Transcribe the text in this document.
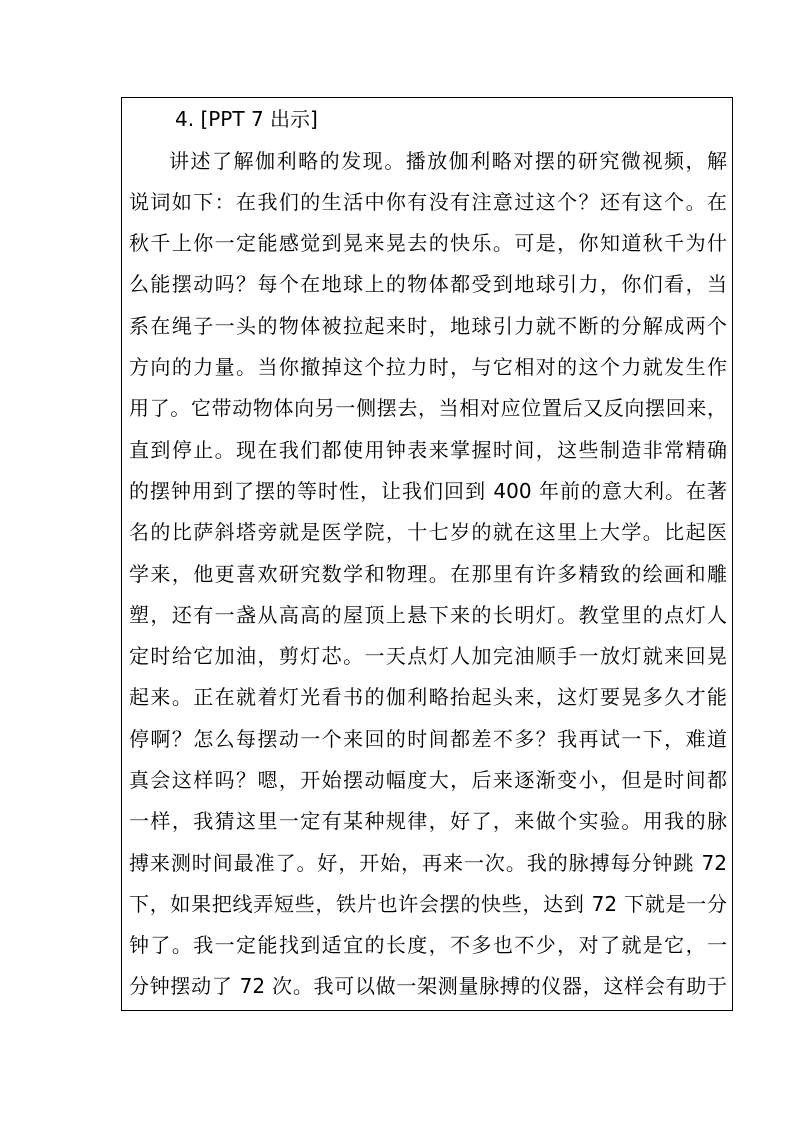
4. [PPT 7 出示]
讲述了解伽利略的发现。播放伽利略对摆的研究微视频，解
说词如下：在我们的生活中你有没有注意过这个？还有这个。在
秋千上你一定能感觉到晃来晃去的快乐。可是，你知道秋千为什
么能摆动吗？每个在地球上的物体都受到地球引力，你们看，当
系在绳子一头的物体被拉起来时，地球引力就不断的分解成两个
方向的力量。当你撤掉这个拉力时，与它相对的这个力就发生作
用了。它带动物体向另一侧摆去，当相对应位置后又反向摆回来，
直到停止。现在我们都使用钟表来掌握时间，这些制造非常精确
的摆钟用到了摆的等时性，让我们回到 400 年前的意大利。在著
名的比萨斜塔旁就是医学院，十七岁的就在这里上大学。比起医
学来，他更喜欢研究数学和物理。在那里有许多精致的绘画和雕
塑，还有一盏从高高的屋顶上悬下来的长明灯。教堂里的点灯人
定时给它加油，剪灯芯。一天点灯人加完油顺手一放灯就来回晃
起来。正在就着灯光看书的伽利略抬起头来，这灯要晃多久才能
停啊？怎么每摆动一个来回的时间都差不多？我再试一下，难道
真会这样吗？嗯，开始摆动幅度大，后来逐渐变小，但是时间都
一样，我猜这里一定有某种规律，好了，来做个实验。用我的脉
搏来测时间最准了。好，开始，再来一次。我的脉搏每分钟跳 72
下，如果把线弄短些，铁片也许会摆的快些，达到 72 下就是一分
钟了。我一定能找到适宜的长度，不多也不少，对了就是它，一
分钟摆动了 72 次。我可以做一架测量脉搏的仪器，这样会有助于
